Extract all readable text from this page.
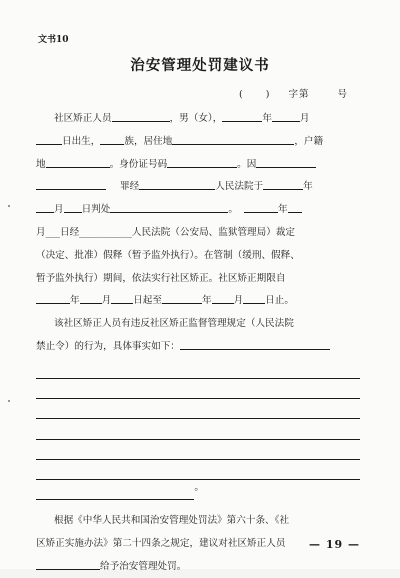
文书10
治安管理处罚建议书
( ) 字第	号
社区矫正人员	，男（女），	年	月
日出生，	族，居住地	，户籍
地	。身份证号码	。因
罪经	人民法院于	年
月 日判处	。	年
月___日经___________人民法院（公安局、监狱管理局）裁定
（决定、批准）假释（暂予监外执行）。在管制（缓刑、假释、
暂予监外执行）期间，依法实行社区矫正。社区矫正期限自
年 月 日起至	年 月 日止。
该社区矫正人员有违反社区矫正监督管理规定（人民法院
禁止令）的行为，具体事实如下：
。
根据《中华人民共和国治安管理处罚法》第六十条、《社
区矫正实施办法》第二十四条之规定，建议对社区矫正人员
给予治安管理处罚。
— 19 —
